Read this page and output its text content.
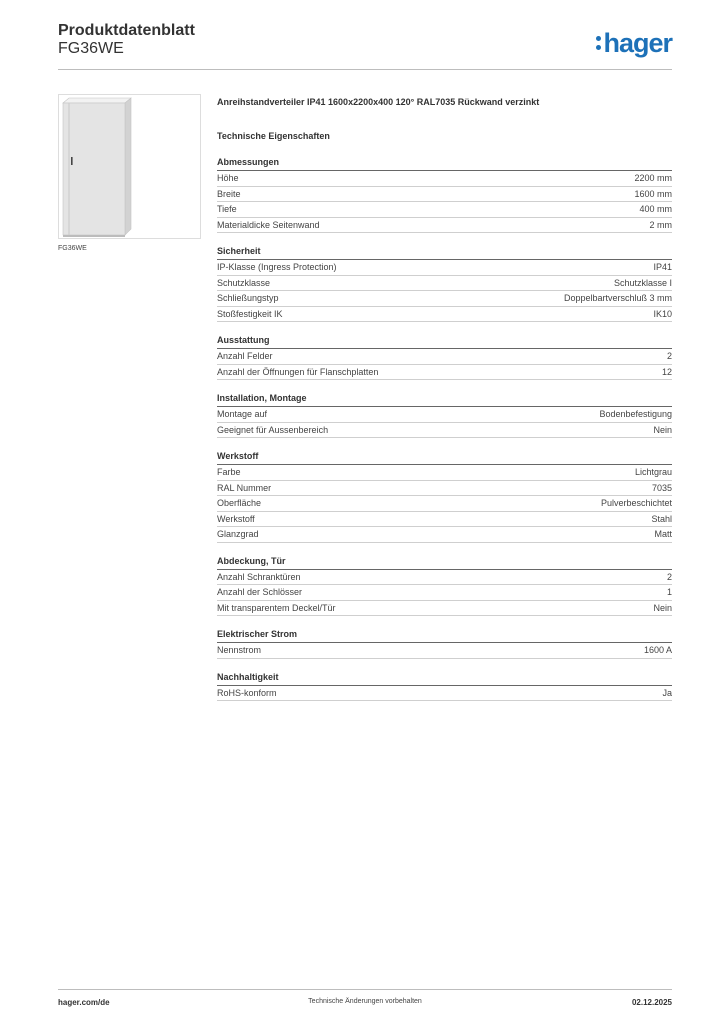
Produktdatenblatt
FG36WE	hager
FG36WE
Anreihstandverteiler IP41 1600x2200x400 120° RAL7035 Rückwand verzinkt
Technische Eigenschaften
Abmessungen
Höhe	2200 mm
Breite	1600 mm
Tiefe	400 mm
Materialdicke Seitenwand	2 mm
Sicherheit
IP-Klasse (Ingress Protection)	IP41
Schutzklasse	Schutzklasse I
Schließungstyp	Doppelbartverschluß 3 mm
Stoßfestigkeit IK	IK10
Ausstattung
Anzahl Felder	2
Anzahl der Öffnungen für Flanschplatten	12
Installation, Montage
Montage auf	Bodenbefestigung
Geeignet für Aussenbereich	Nein
Werkstoff
Farbe	Lichtgrau
RAL Nummer	7035
Oberfläche	Pulverbeschichtet
Werkstoff	Stahl
Glanzgrad	Matt
Abdeckung, Tür
Anzahl Schranktüren	2
Anzahl der Schlösser	1
Mit transparentem Deckel/Tür	Nein
Elektrischer Strom
Nennstrom	1600 A
Nachhaltigkeit
RoHS-konform	Ja
hager.com/de	Technische Änderungen vorbehalten	02.12.2025
